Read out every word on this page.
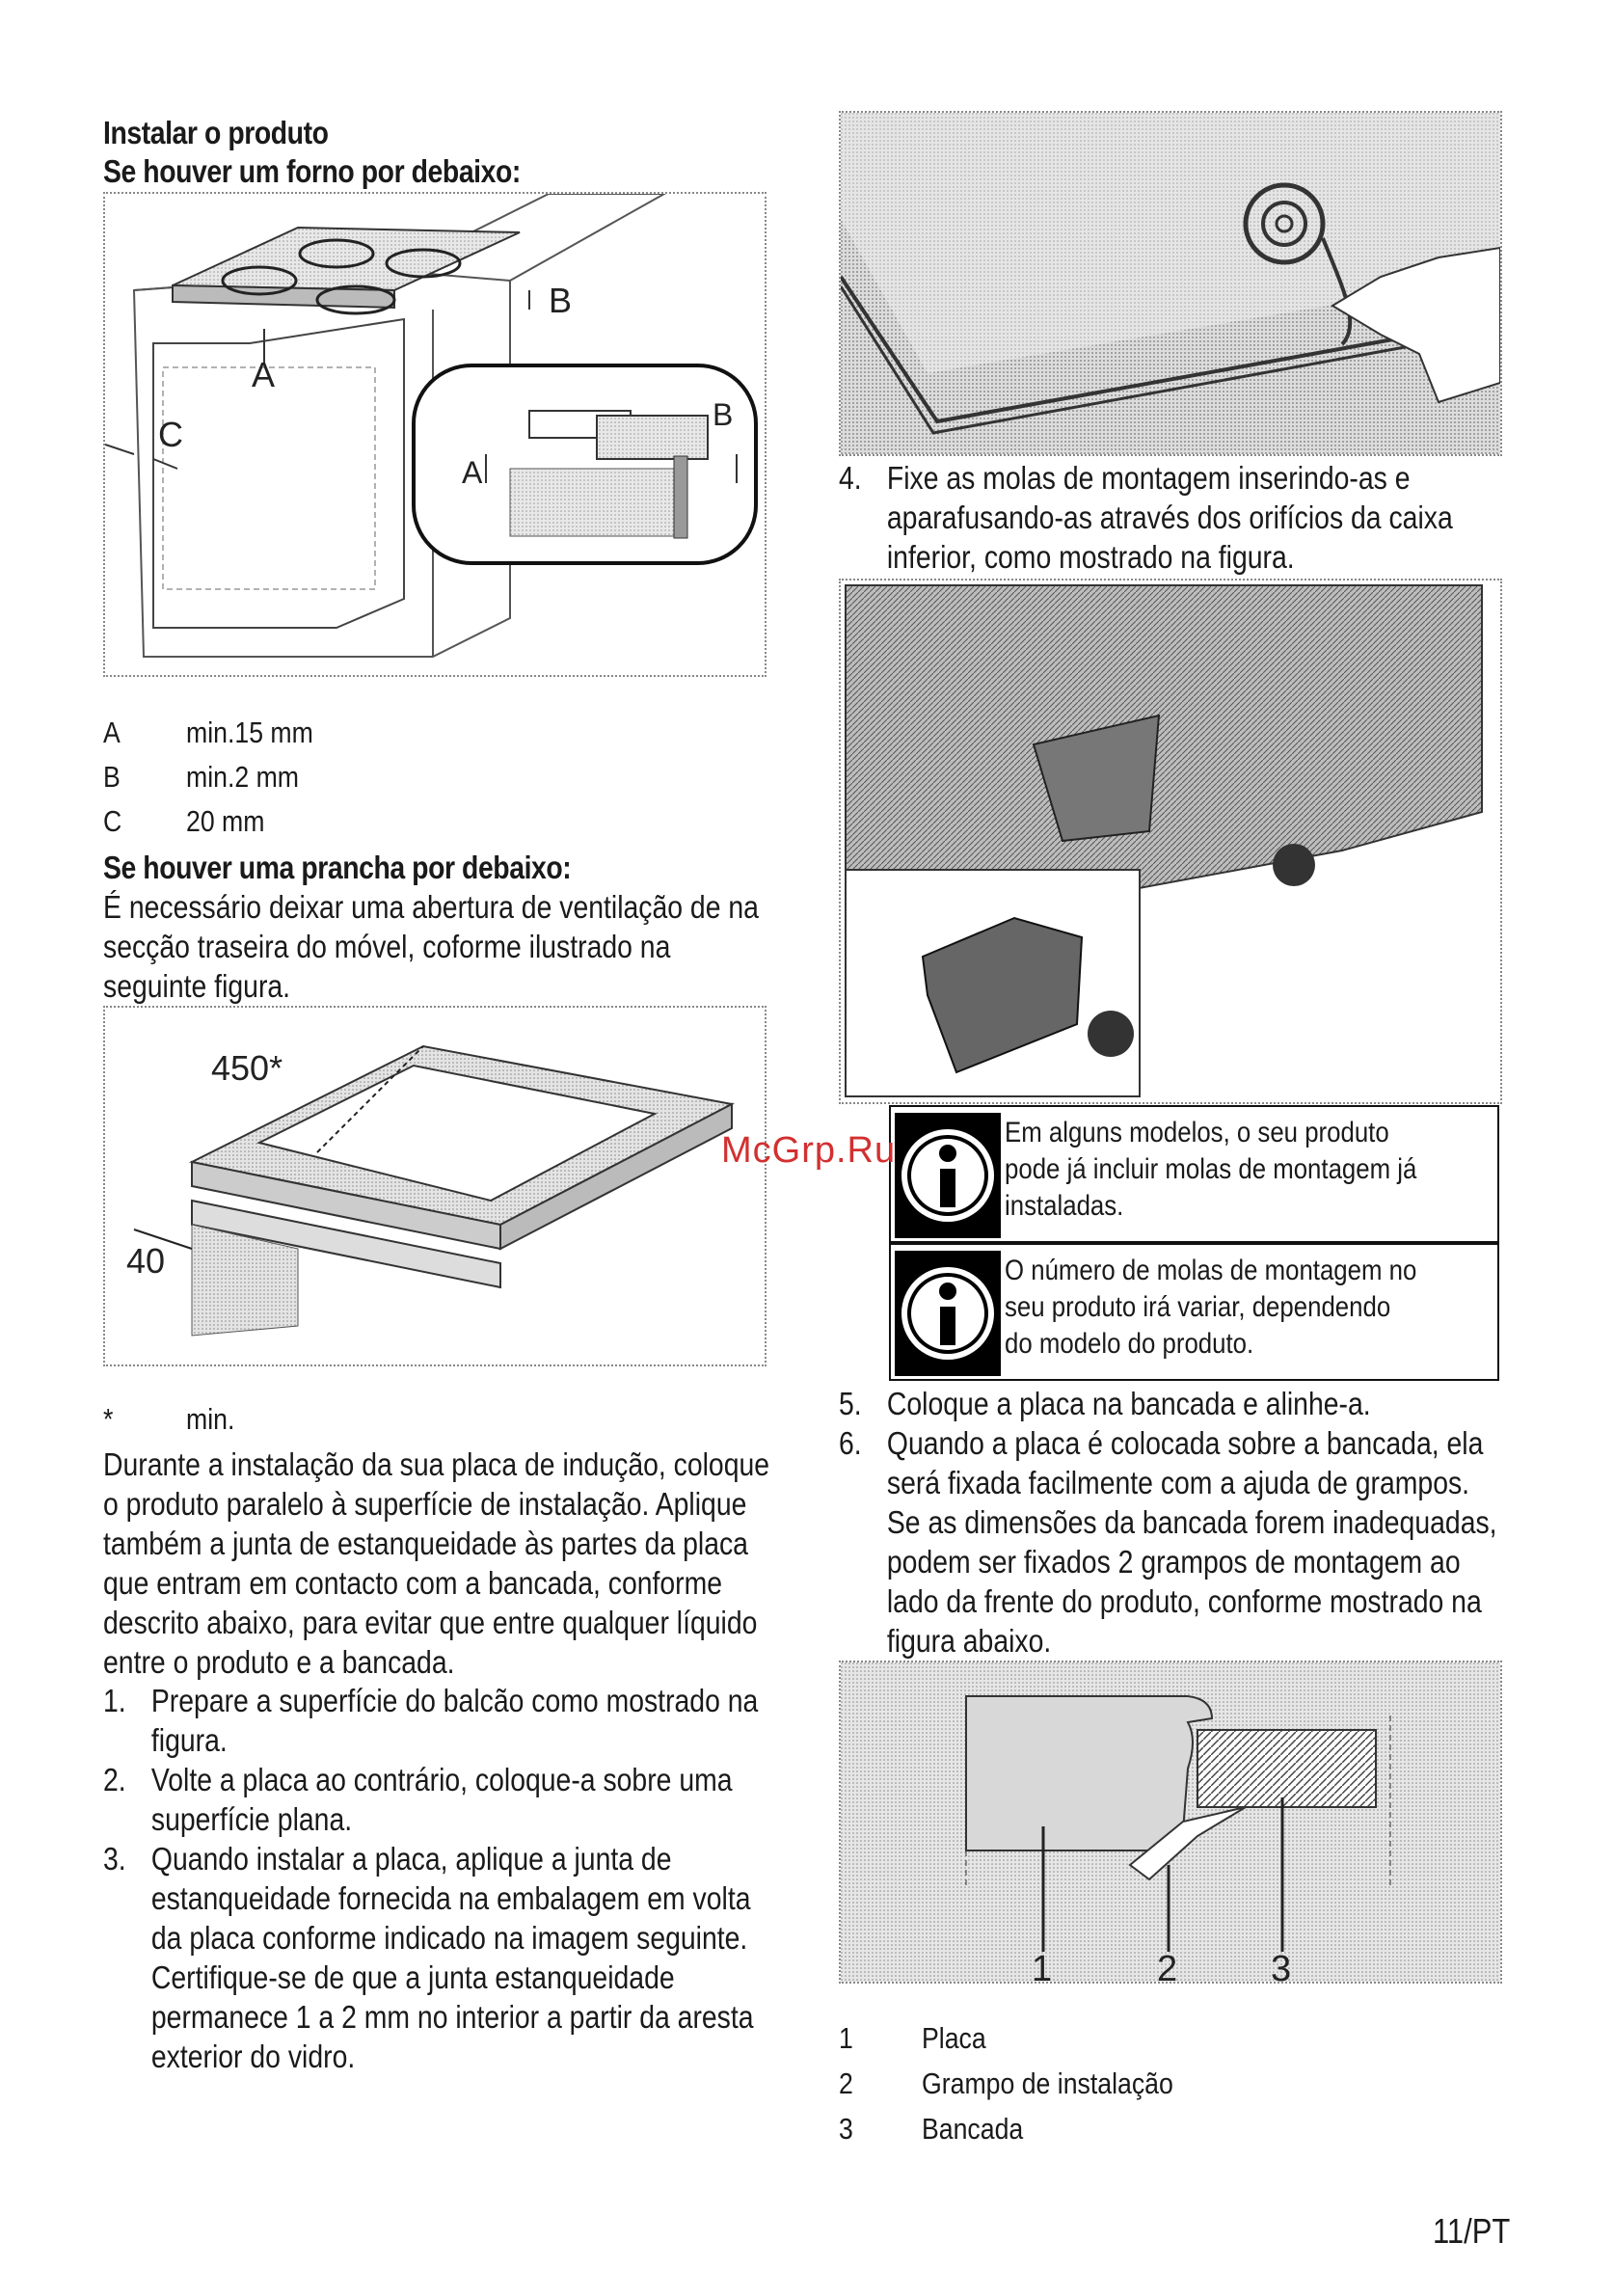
Instalar o produto
Se houver um forno por debaixo:
A
B
C
A
B
A min.15 mm
B min.2 mm
C 20 mm
Se houver uma prancha por debaixo:
É necessário deixar uma abertura de ventilação de na secção traseira do móvel, coforme ilustrado na seguinte figura.
450*
40
* min.
Durante a instalação da sua placa de indução, coloque o produto paralelo à superfície de instalação. Aplique também a junta de estanqueidade às partes da placa que entram em contacto com a bancada, conforme descrito abaixo, para evitar que entre qualquer líquido entre o produto e a bancada.
1. Prepare a superfície do balcão como mostrado na figura.
2. Volte a placa ao contrário, coloque-a sobre uma superfície plana.
3. Quando instalar a placa, aplique a junta de estanqueidade fornecida na embalagem em volta da placa conforme indicado na imagem seguinte. Certifique-se de que a junta estanqueidade permanece 1 a 2 mm no interior a partir da aresta exterior do vidro.
4. Fixe as molas de montagem inserindo-as e aparafusando-as através dos orifícios da caixa inferior, como mostrado na figura.
Em alguns modelos, o seu produto pode já incluir molas de montagem já instaladas.
O número de molas de montagem no seu produto irá variar, dependendo do modelo do produto.
5. Coloque a placa na bancada e alinhe-a.
6. Quando a placa é colocada sobre a bancada, ela será fixada facilmente com a ajuda de grampos. Se as dimensões da bancada forem inadequadas, podem ser fixados 2 grampos de montagem ao lado da frente do produto, conforme mostrado na figura abaixo.
1	2	3
1 Placa
2 Grampo de instalação
3 Bancada
McGrp.Ru
11/PT
